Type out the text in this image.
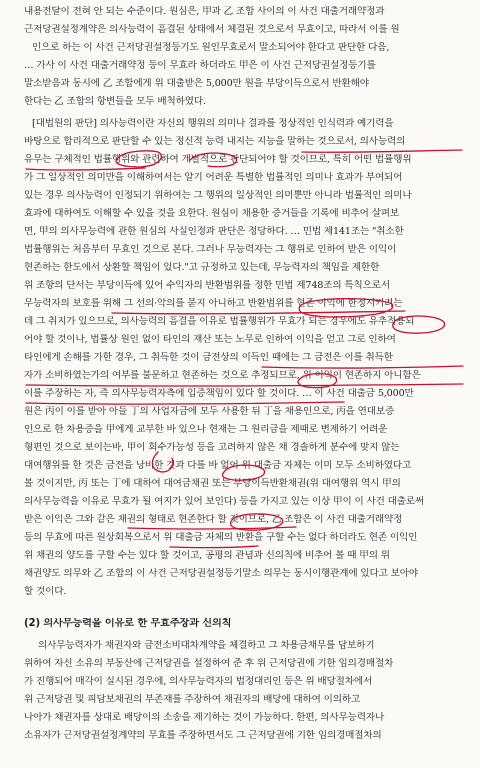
내용전달이 전혀 안 되는 수준이다. 원심은, 甲과 乙 조합 사이의 이 사건 대출거래약정과
근저당권설정계약은 의사능력이 흠결된 상태에서 체결된 것으로서 무효이고, 따라서 이를 원
인으로 하는 이 사건 근저당권설정등기도 원인무효로서 말소되어야 한다고 판단한 다음,
… 가사 이 사건 대출거래약정 등이 무효라 하더라도 甲은 이 사건 근저당권설정등기를
말소받음과 동시에 乙 조합에게 위 대출받은 5,000만 원을 부당이득으로서 반환해야
한다는 乙 조합의 항변들을 모두 배척하였다.
[대법원의 판단] 의사능력이란 자신의 행위의 의미나 결과를 정상적인 인식력과 예기력을
바탕으로 합리적으로 판단할 수 있는 정신적 능력 내지는 지능을 말하는 것으로서, 의사능력의
유무는 구체적인 법률행위와 관련하여 개별적으로 판단되어야 할 것이므로, 특히 어떤 법률행위
가 그 일상적인 의미만을 이해하여서는 알기 어려운 특별한 법률적인 의미나 효과가 부여되어
있는 경우 의사능력이 인정되기 위하여는 그 행위의 일상적인 의미뿐만 아니라 법률적인 의미나
효과에 대하여도 이해할 수 있을 것을 요한다. 원심이 채용한 증거들을 기록에 비추어 살펴보
면, 甲의 의사무능력에 관한 원심의 사실인정과 판단은 정당하다. … 민법 제141조는 "취소한
법률행위는 처음부터 무효인 것으로 본다. 그러나 무능력자는 그 행위로 인하여 받은 이익이
현존하는 한도에서 상환할 책임이 있다."고 규정하고 있는데, 무능력자의 책임을 제한한
위 조항의 단서는 부당이득에 있어 수익자의 반환범위를 정한 민법 제748조의 특칙으로서
무능력자의 보호를 위해 그 선의·악의를 묻지 아니하고 반환범위를 현존 이익에 한정시키려는
데 그 취지가 있으므로, 의사능력의 흠결을 이유로 법률행위가 무효가 되는 경우에도 유추적용되
어야 할 것이나, 법률상 원인 없이 타인의 재산 또는 노무로 인하여 이익을 얻고 그로 인하여
타인에게 손해를 가한 경우, 그 취득한 것이 금전상의 이득인 때에는 그 금전은 이를 취득한
자가 소비하였는가의 여부를 불문하고 현존하는 것으로 추정되므로, 위 이익이 현존하지 아니함은
이를 주장하는 자, 즉 의사무능력자측에 입증책임이 있다 할 것이다. … 이 사건 대출금 5,000만
원은 丙이 이를 받아 아들 丁의 사업자금에 모두 사용한 뒤 丁을 채용인으로, 丙을 연대보증
인으로 한 차용증을 甲에게 교부한 바 있으나 현재는 그 원리금을 제때로 변제하기 어려운
형편인 것으로 보이는바, 甲이 회수가능성 등을 고려하지 않은 채 경솔하게 분수에 맞지 않는
대여행위를 한 것은 금전을 낭비한 것과 다를 바 없어 위 대출금 자체는 이미 모두 소비하였다고
볼 것이지만, 丙 또는 丁에 대하여 대여금채권 또는 부당이득반환채권(위 대여행위 역시 甲의
의사무능력을 이유로 무효가 될 여지가 있어 보인다) 등을 가지고 있는 이상 甲이 이 사건 대출로써
받은 이익은 그와 같은 채권의 형태로 현존한다 할 것이므로, 乙 조합은 이 사건 대출거래약정
등의 무효에 따른 원상회복으로서 위 대출금 자체의 반환을 구할 수는 없다 하더라도 현존 이익인
위 채권의 양도를 구할 수는 있다 할 것이고, 공평의 관념과 신의칙에 비추어 볼 때 甲의 위
채권양도 의무와 乙 조합의 이 사건 근저당권설정등기말소 의무는 동시이행관계에 있다고 보아야
할 것이다.
(2) 의사무능력을 이유로 한 무효주장과 신의칙
의사무능력자가 채권자와 금전소비대차계약을 체결하고 그 차용금채무를 담보하기
위하여 자신 소유의 부동산에 근저당권을 설정하여 준 후 위 근저당권에 기한 임의경매절차
가 진행되어 매각이 실시된 경우에, 의사무능력자의 법정대리인 등은 위 배당절차에서
위 근저당권 및 피담보채권의 부존재를 주장하여 채권자의 배당에 대하여 이의하고
나아가 채권자를 상대로 배당이의 소송을 제기하는 것이 가능하다. 한편, 의사무능력자나
소유자가 근저당권설정계약의 무효를 주장하면서도 그 근저당권에 기한 임의경매절차의
